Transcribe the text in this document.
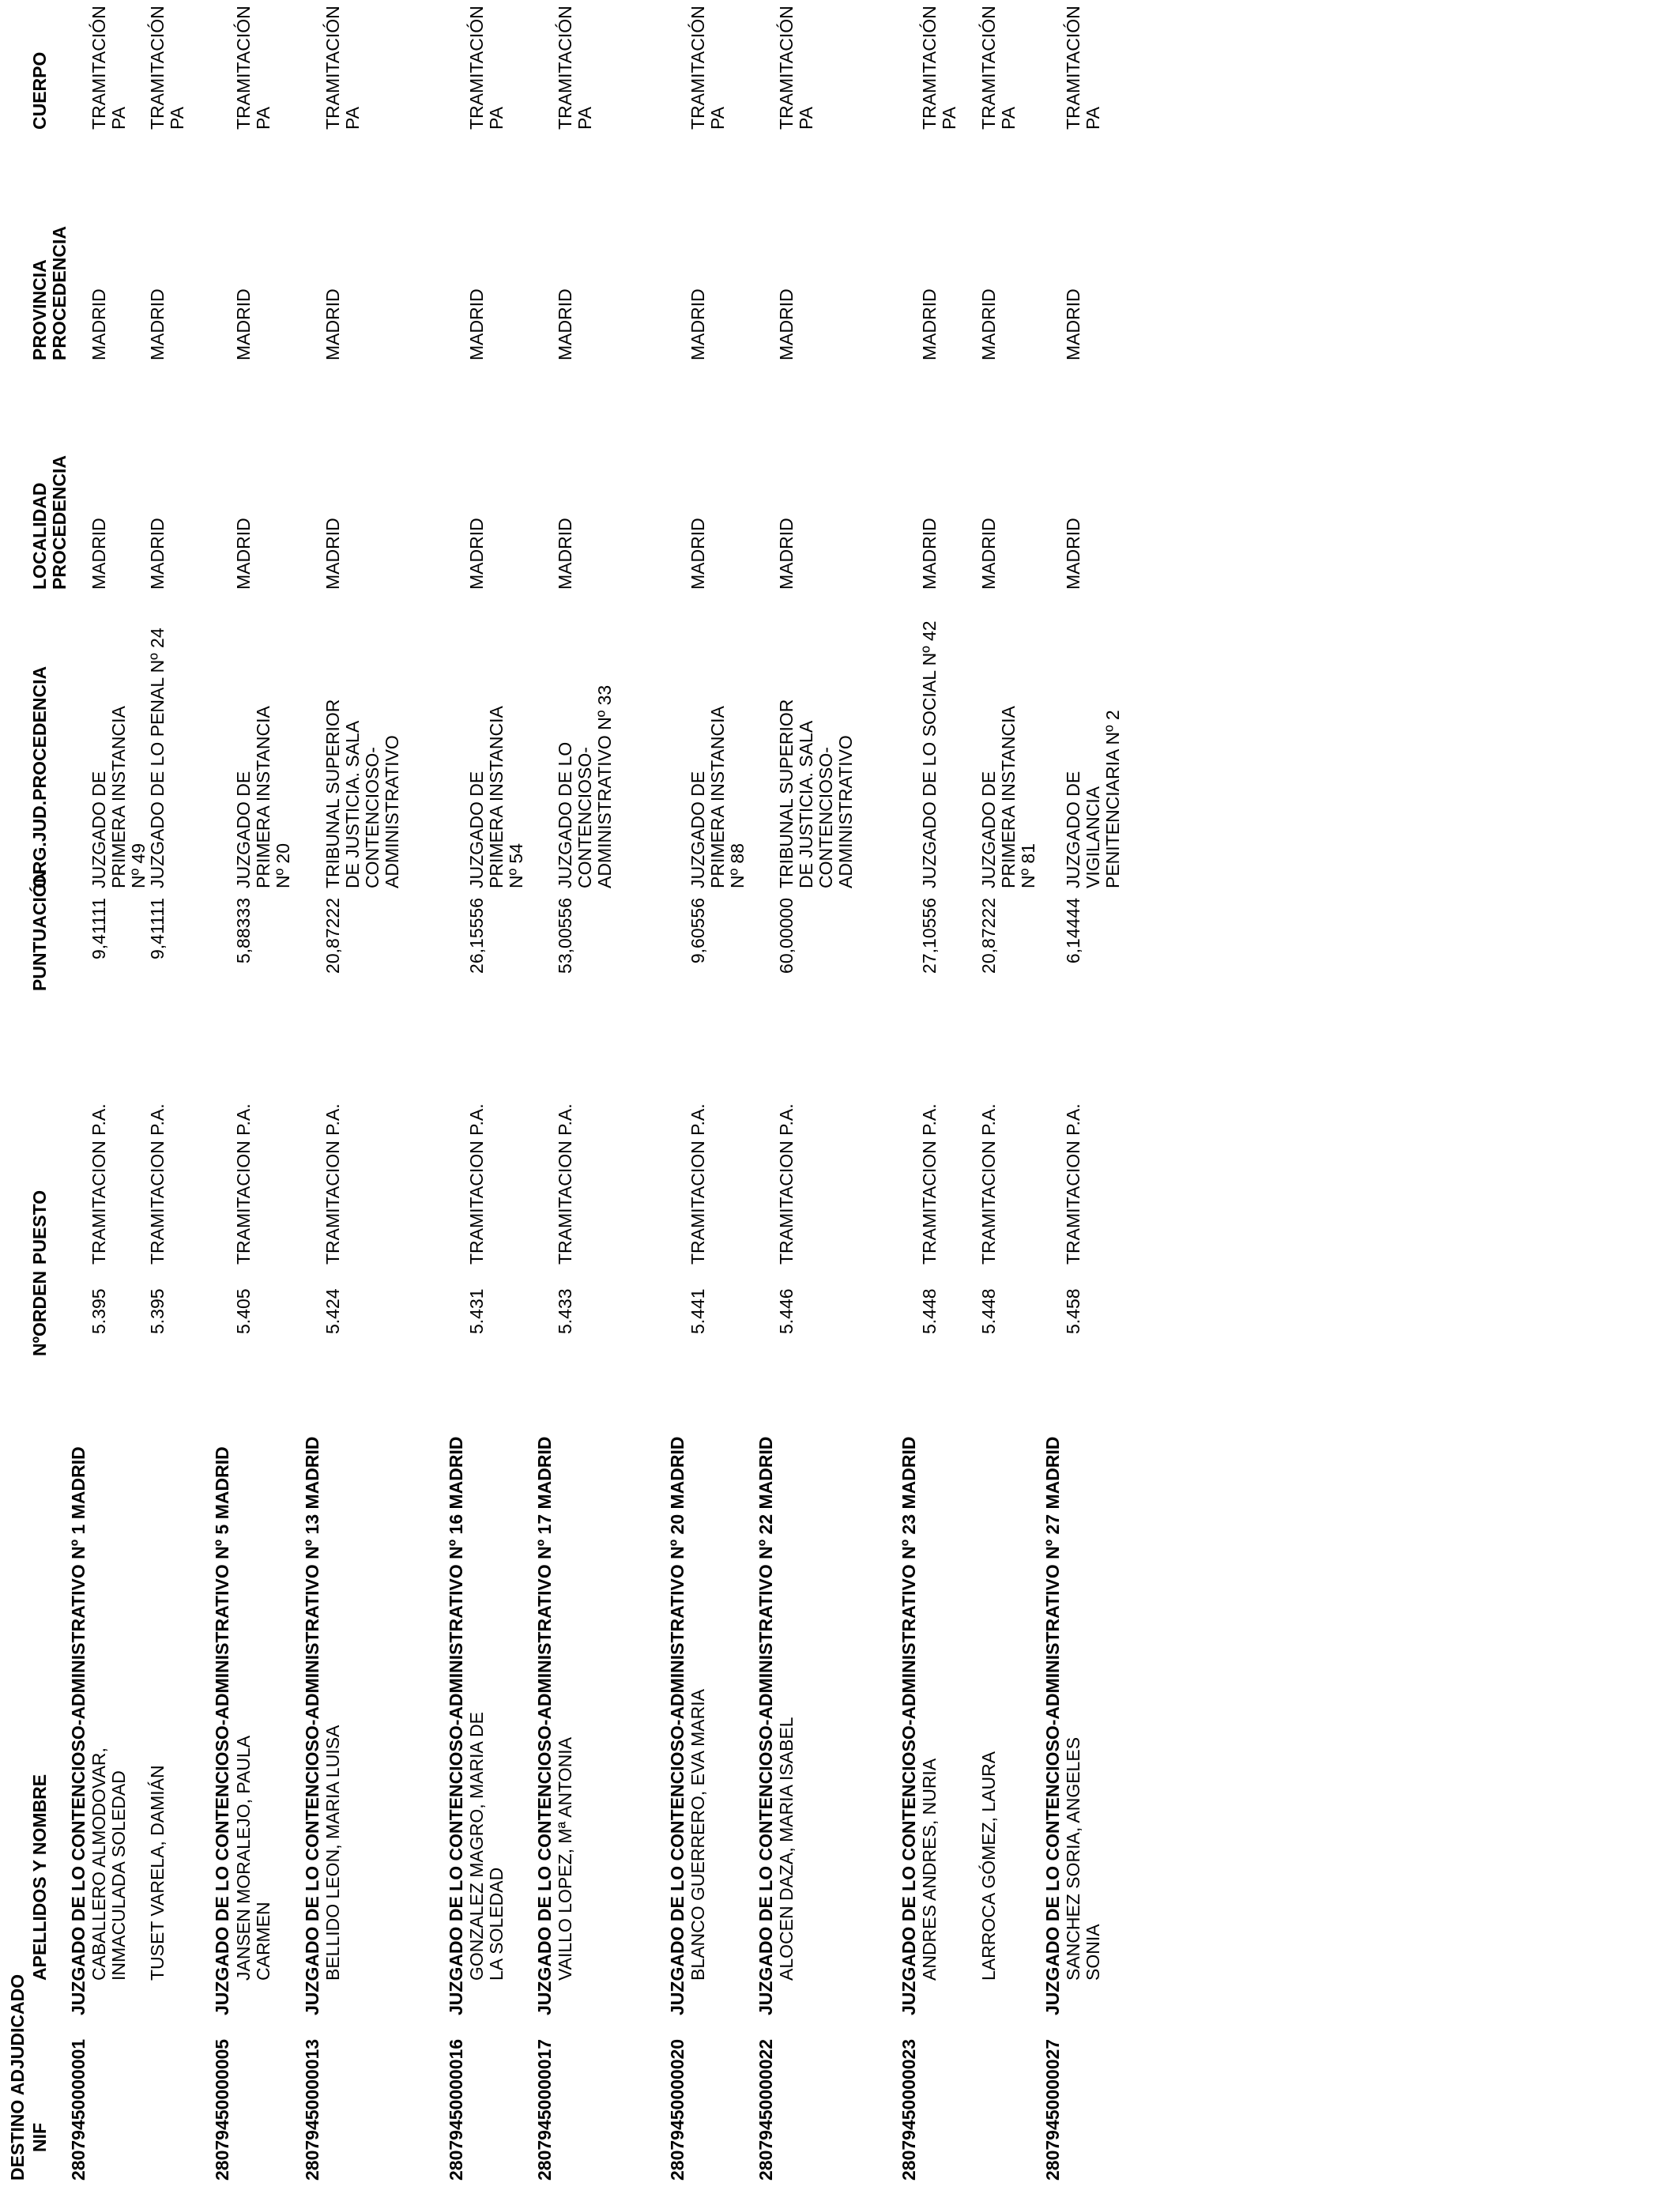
DESTINO ADJUDICADO NIF
APELLIDOS Y NOMBRE
NºORDEN
PUESTO
PUNTUACIÓN
ORG.JUD.PROCEDENCIA
LOCALIDAD PROCEDENCIA
PROVINCIA PROCEDENCIA
CUERPO
28079450000001
JUZGADO DE LO CONTENCIOSO-ADMINISTRATIVO Nº 1 MADRID
28079450000005
JUZGADO DE LO CONTENCIOSO-ADMINISTRATIVO Nº 5 MADRID
28079450000013
JUZGADO DE LO CONTENCIOSO-ADMINISTRATIVO Nº 13 MADRID
28079450000016
JUZGADO DE LO CONTENCIOSO-ADMINISTRATIVO Nº 16 MADRID
28079450000017
JUZGADO DE LO CONTENCIOSO-ADMINISTRATIVO Nº 17 MADRID
28079450000020
JUZGADO DE LO CONTENCIOSO-ADMINISTRATIVO Nº 20 MADRID
28079450000022
JUZGADO DE LO CONTENCIOSO-ADMINISTRATIVO Nº 22 MADRID
28079450000023
JUZGADO DE LO CONTENCIOSO-ADMINISTRATIVO Nº 23 MADRID
28079450000027
JUZGADO DE LO CONTENCIOSO-ADMINISTRATIVO Nº 27 MADRID
CABALLERO ALMODOVAR, INMACULADA SOLEDAD
5.395
TRAMITACION P.A.
9,41111
JUZGADO DE PRIMERA INSTANCIA Nº 49
MADRID
MADRID
TRAMITACIÓN PA
TUSET VARELA, DAMIÁN
5.395
TRAMITACION P.A.
9,41111
JUZGADO DE LO PENAL Nº 24
MADRID
MADRID
TRAMITACIÓN PA
JANSEN MORALEJO, PAULA CARMEN
5.405
TRAMITACION P.A.
5,88333
JUZGADO DE PRIMERA INSTANCIA Nº 20
MADRID
MADRID
TRAMITACIÓN PA
BELLIDO LEON, MARIA LUISA
5.424
TRAMITACION P.A.
20,87222
TRIBUNAL SUPERIOR DE JUSTICIA. SALA CONTENCIOSO-ADMINISTRATIVO
MADRID
MADRID
TRAMITACIÓN PA
GONZALEZ MAGRO, MARIA DE LA SOLEDAD
5.431
TRAMITACION P.A.
26,15556
JUZGADO DE PRIMERA INSTANCIA Nº 54
MADRID
MADRID
TRAMITACIÓN PA
VAILLO LOPEZ, Mª ANTONIA
5.433
TRAMITACION P.A.
53,00556
JUZGADO DE LO CONTENCIOSO-ADMINISTRATIVO Nº 33
MADRID
MADRID
TRAMITACIÓN PA
BLANCO GUERRERO, EVA MARIA
5.441
TRAMITACION P.A.
9,60556
JUZGADO DE PRIMERA INSTANCIA Nº 88
MADRID
MADRID
TRAMITACIÓN PA
ALOCEN DAZA, MARIA ISABEL
5.446
TRAMITACION P.A.
60,00000
TRIBUNAL SUPERIOR DE JUSTICIA. SALA CONTENCIOSO-ADMINISTRATIVO
MADRID
MADRID
TRAMITACIÓN PA
ANDRES ANDRES, NURIA
5.448
TRAMITACION P.A.
27,10556
JUZGADO DE LO SOCIAL Nº 42
MADRID
MADRID
TRAMITACIÓN PA
LARROCA GÓMEZ, LAURA
5.448
TRAMITACION P.A.
20,87222
JUZGADO DE PRIMERA INSTANCIA Nº 81
MADRID
MADRID
TRAMITACIÓN PA
SANCHEZ SORIA, ANGELES SONIA
5.458
TRAMITACION P.A.
6,14444
JUZGADO DE VIGILANCIA PENITENCIARIA Nº 2
MADRID
MADRID
TRAMITACIÓN PA
